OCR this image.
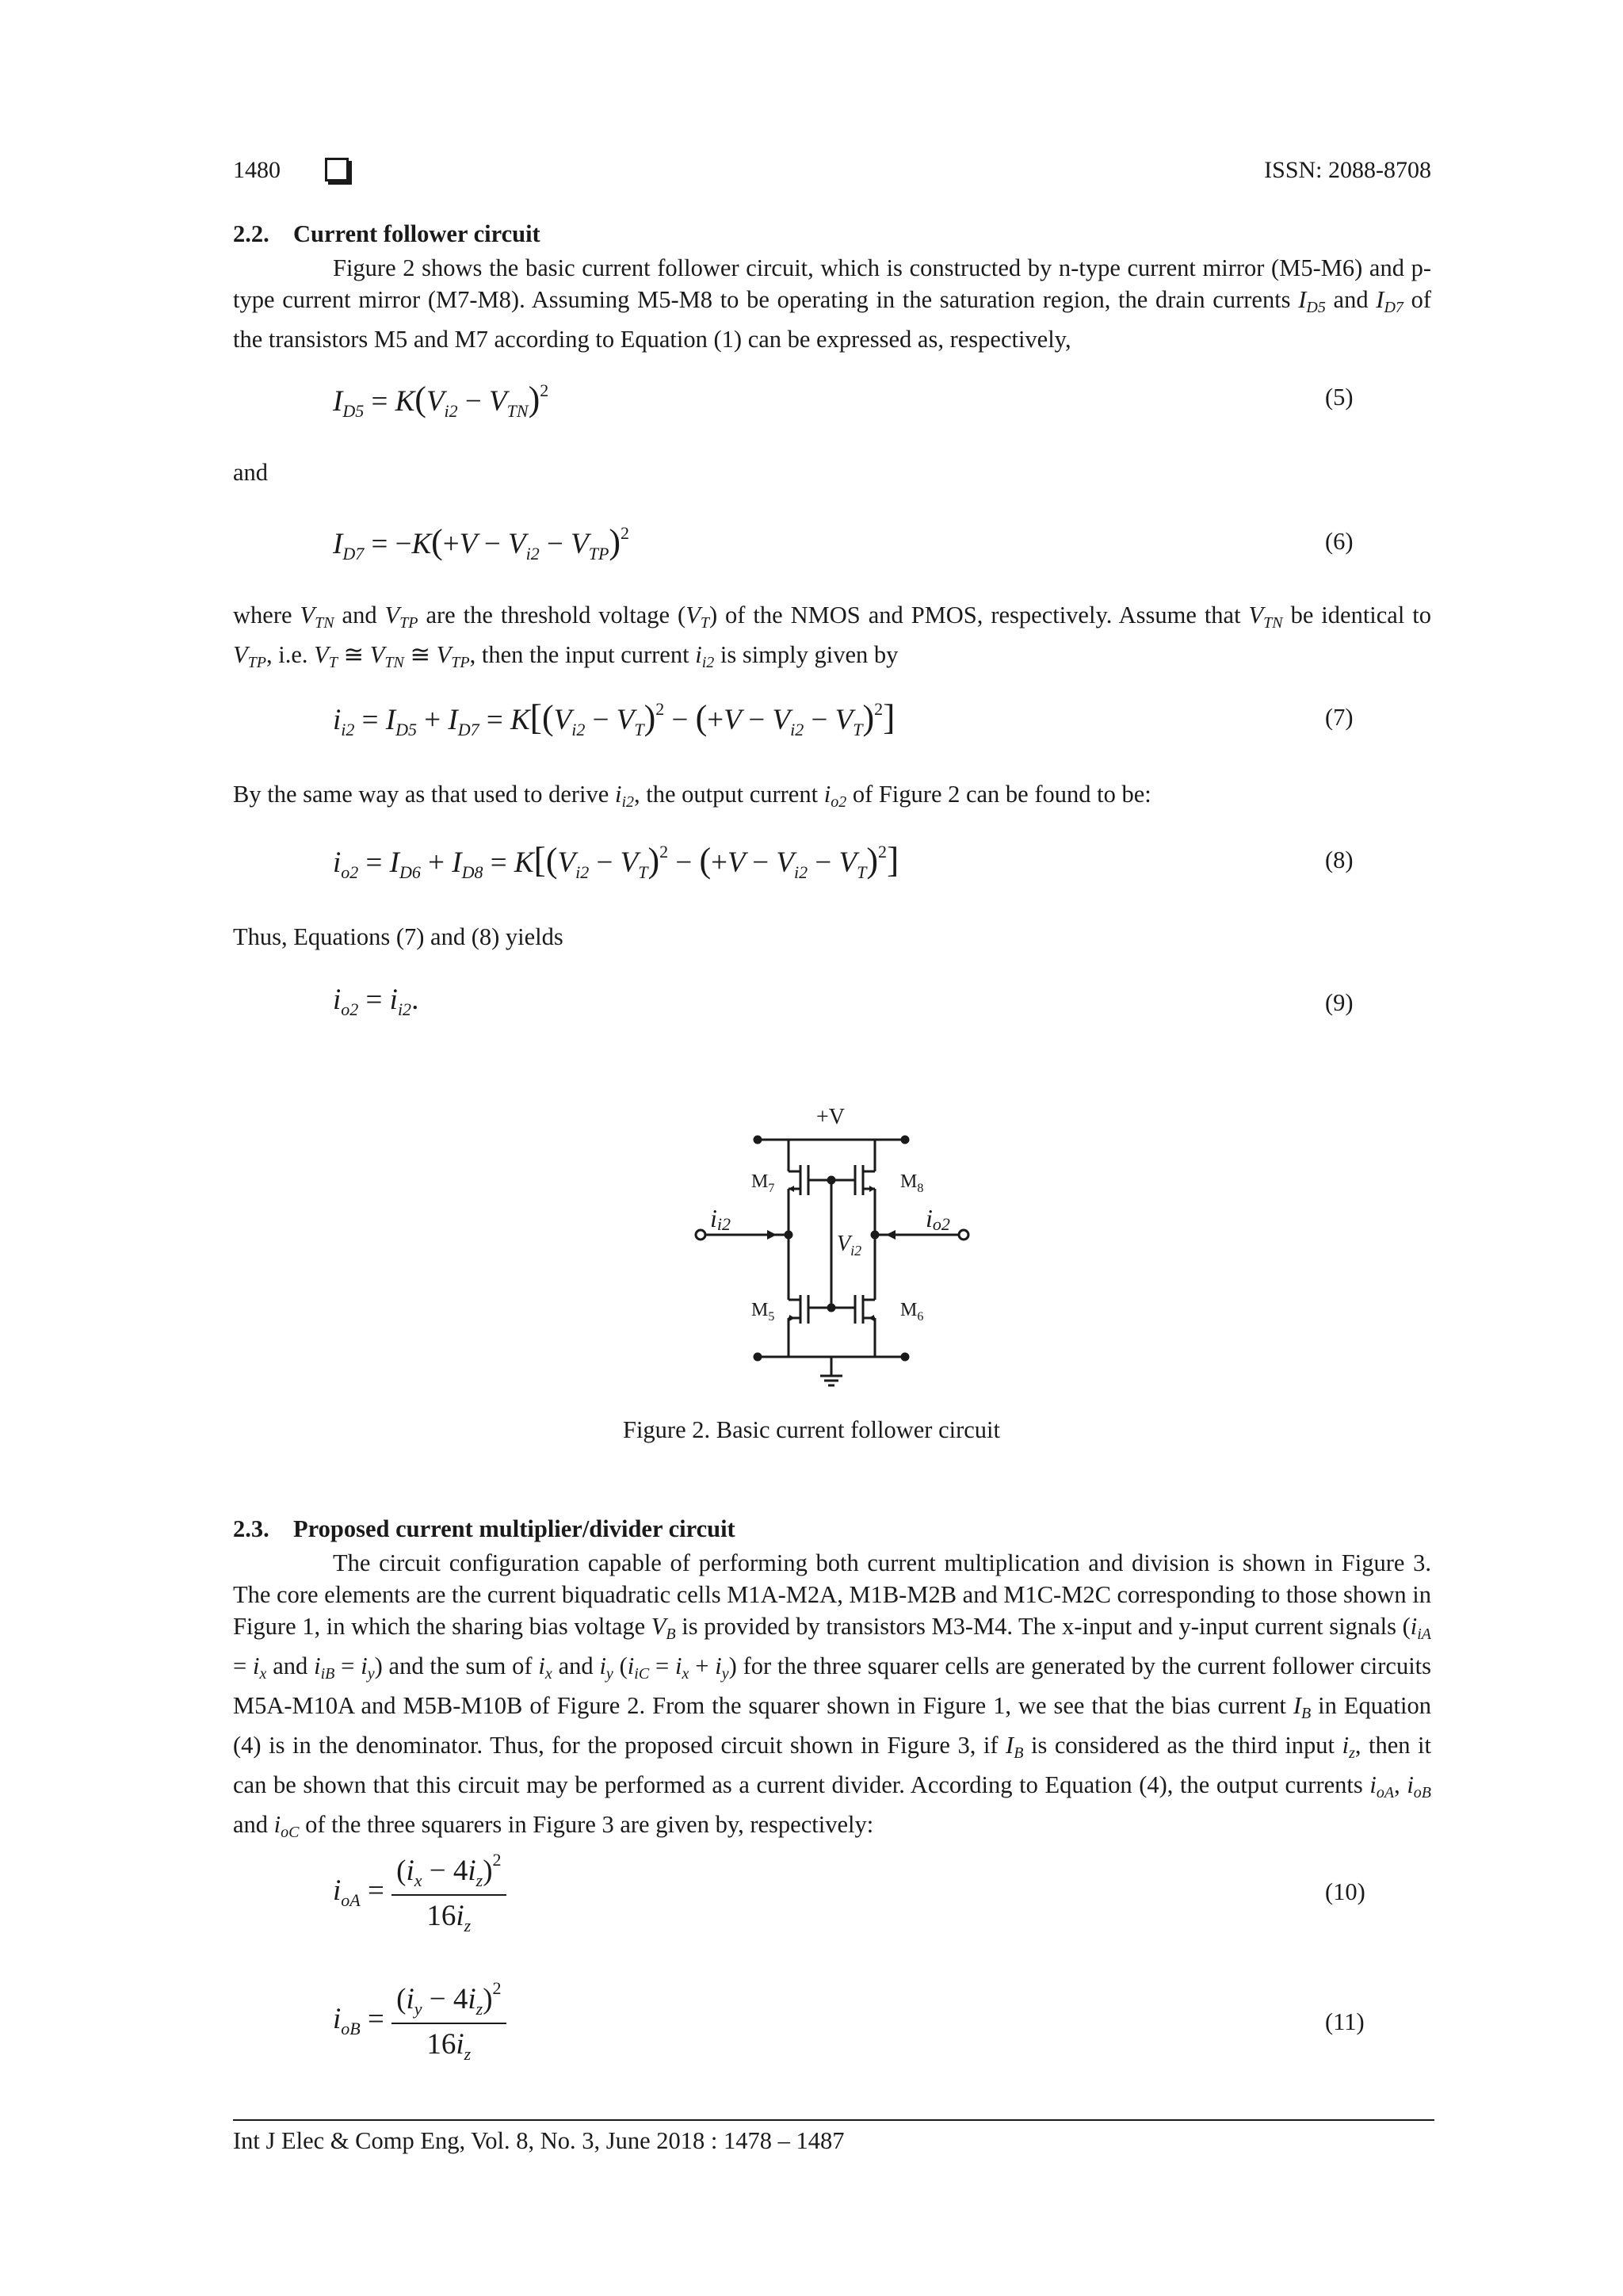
1480	ISSN: 2088-8708
2.2. Current follower circuit
Figure 2 shows the basic current follower circuit, which is constructed by n-type current mirror (M5-M6) and p-type current mirror (M7-M8). Assuming M5-M8 to be operating in the saturation region, the drain currents $I_{D5}$ and $I_{D7}$ of the transistors M5 and M7 according to Equation (1) can be expressed as, respectively,
$I_{D5} = K(V_{i2} - V_{TN})^2$	(5)
and
$I_{D7} = -K(+V - V_{i2} - V_{TP})^2$	(6)
where $V_{TN}$ and $V_{TP}$ are the threshold voltage $(V_T)$ of the NMOS and PMOS, respectively. Assume that $V_{TN}$ be identical to $V_{TP}$, i.e. $V_T$ ≅ $V_{TN}$ ≅ $V_{TP}$, then the input current $i_{i2}$ is simply given by
$i_{i2} = I_{D5} + I_{D7} = K[(V_{i2} - V_T)^2 - (+V - V_{i2} - V_T)^2]$	(7)
By the same way as that used to derive $i_{i2}$, the output current $i_{o2}$ of Figure 2 can be found to be:
$i_{o2} = I_{D6} + I_{D8} = K[(V_{i2} - V_T)^2 - (+V - V_{i2} - V_T)^2]$	(8)
Thus, Equations (7) and (8) yields
$i_{o2} = i_{i2}$.	(9)
+V
$M_7$	$M_8$
$M_5$	$M_6$
ii2	io2
$V_{i2}$
Figure 2. Basic current follower circuit
2.3. Proposed current multiplier/divider circuit
The circuit configuration capable of performing both current multiplication and division is shown in Figure 3. The core elements are the current biquadratic cells M1A-M2A, M1B-M2B and M1C-M2C corresponding to those shown in Figure 1, in which the sharing bias voltage $V_B$ is provided by transistors M3-M4. The x-input and y-input current signals ($i_{iA} = i_x$ and $i_{iB} = i_y$) and the sum of $i_x$ and $i_y$ $(i_{iC} = i_x + i_y)$ for the three squarer cells are generated by the current follower circuits M5A-M10A and M5B-M10B of Figure 2. From the squarer shown in Figure 1, we see that the bias current $I_B$ in Equation (4) is in the denominator. Thus, for the proposed circuit shown in Figure 3, if $I_B$ is considered as the third input $i_z$, then it can be shown that this circuit may be performed as a current divider. According to Equation (4), the output currents $i_{oA}$, $i_{oB}$ and $i_{oC}$ of the three squarers in Figure 3 are given by, respectively:
$i_{oA} = \frac{(i_x - 4i_z)^2}{16i_z}$	(10)
$i_{oB} = \frac{(i_y - 4i_z)^2}{16i_z}$	(11)
Int J Elec & Comp Eng, Vol. 8, No. 3, June 2018 : 1478 – 1487
